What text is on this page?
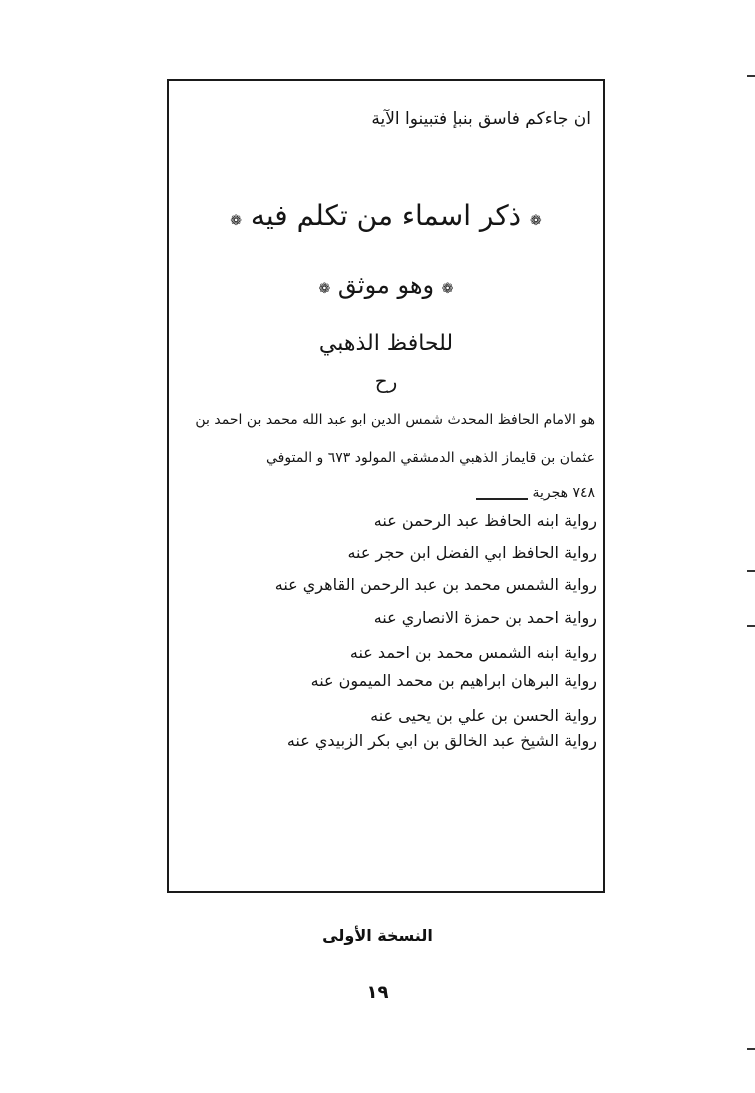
ان جاءكم فاسق بنبإ فتبينوا الآية
❁ ذكر اسماء من تكلم فيه ❁
❁ وهو موثق ❁
للحافظ الذهبي
رح
هو الامام الحافظ المحدث شمس الدين ابو عبد الله محمد بن احمد بن
عثمان بن قايماز الذهبي الدمشقي المولود ٦٧٣ و المتوفي
٧٤٨ هجرية
رواية ابنه الحافظ عبد الرحمن عنه
رواية الحافظ ابي الفضل ابن حجر عنه
رواية الشمس محمد بن عبد الرحمن القاهري عنه
رواية احمد بن حمزة الانصاري عنه
رواية ابنه الشمس محمد بن احمد عنه
رواية البرهان ابراهيم بن محمد الميمون عنه
رواية الحسن بن علي بن يحيى عنه
رواية الشيخ عبد الخالق بن ابي بكر الزبيدي عنه
النسخة الأولى
١٩
